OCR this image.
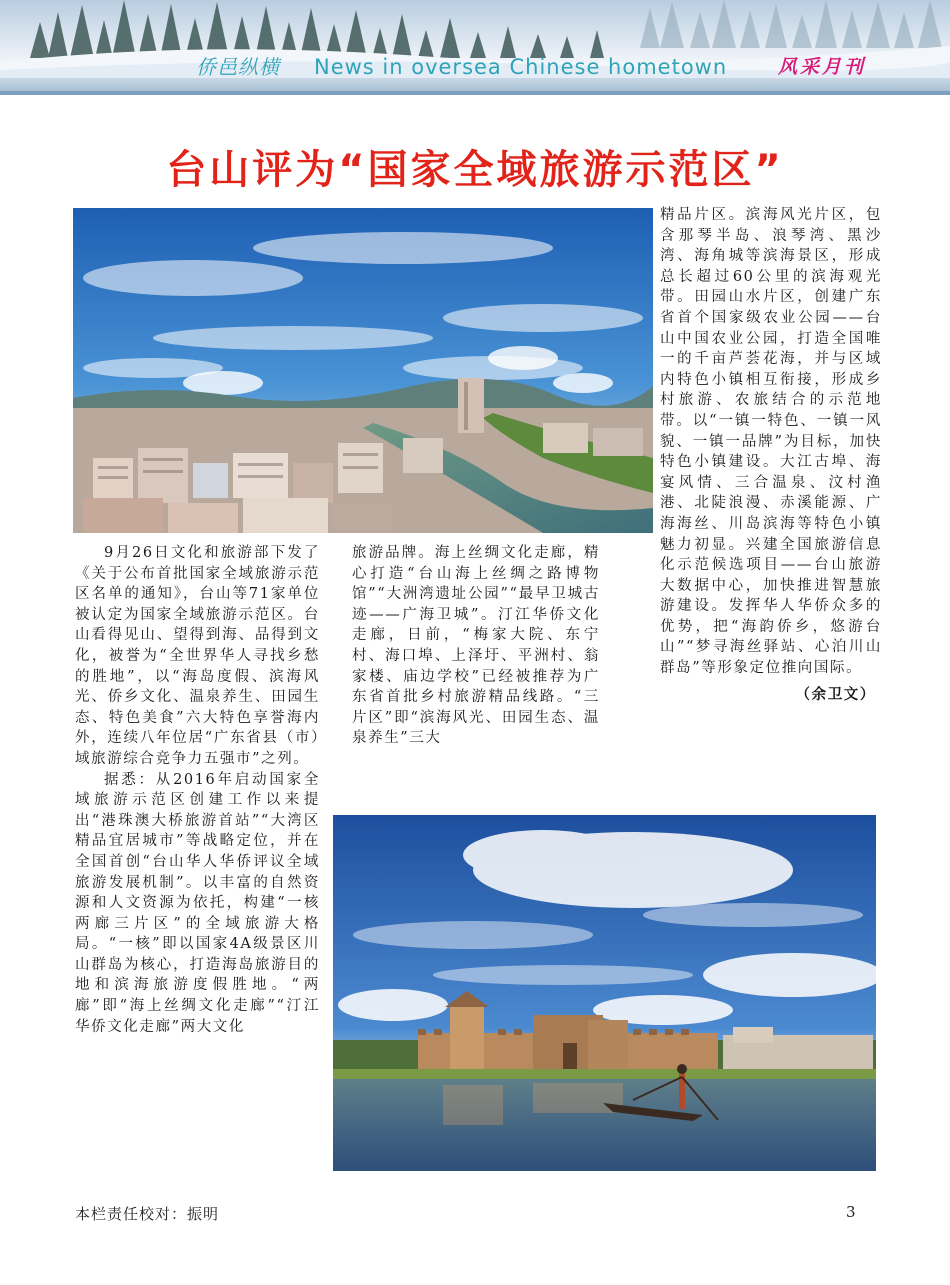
侨邑纵横 News in oversea Chinese hometown	风采月刊
台山评为“国家全域旅游示范区”

精品片区。滨海风光片区，包含那琴半岛、浪琴湾、黑沙湾、海角城等滨海景区，形成总长超过60公里的滨海观光带。田园山水片区，创建广东省首个国家级农业公园——台山中国农业公园，打造全国唯一的千亩芦荟花海，并与区域内特色小镇相互衔接，形成乡村旅游、农旅结合的示范地带。以“一镇一特色、一镇一风貌、一镇一品牌”为目标，加快特色小镇建设。大江古埠、海宴风情、三合温泉、汶村渔港、北陡浪漫、赤溪能源、广海海丝、川岛滨海等特色小镇魅力初显。兴建全国旅游信息化示范候选项目——台山旅游大数据中心，加快推进智慧旅游建设。发挥华人华侨众多的优势，把“海韵侨乡，悠游台山”“梦寻海丝驿站、心泊川山群岛”等形象定位推向国际。

（余卫文）

9月26日文化和旅游部下发了《关于公布首批国家全域旅游示范区名单的通知》，台山等71家单位被认定为国家全域旅游示范区。台山看得见山、望得到海、品得到文化，被誉为“全世界华人寻找乡愁的胜地”，以“海岛度假、滨海风光、侨乡文化、温泉养生、田园生态、特色美食”六大特色享誉海内外，连续八年位居“广东省县（市）域旅游综合竞争力五强市”之列。

据悉：从2016年启动国家全域旅游示范区创建工作以来提出“港珠澳大桥旅游首站”“大湾区精品宜居城市”等战略定位，并在全国首创“台山华人华侨评议全域旅游发展机制”。以丰富的自然资源和人文资源为依托，构建“一核两廊三片区”的全域旅游大格局。“一核”即以国家4A级景区川山群岛为核心，打造海岛旅游目的地和滨海旅游度假胜地。“两廊”即“海上丝绸文化走廊”“汀江华侨文化走廊”两大文化

旅游品牌。海上丝绸文化走廊，精心打造“台山海上丝绸之路博物馆”“大洲湾遗址公园”“最早卫城古迹——广海卫城”。汀江华侨文化走廊，日前，“梅家大院、东宁村、海口埠、上泽圩、平洲村、翁家楼、庙边学校”已经被推荐为广东省首批乡村旅游精品线路。“三片区”即“滨海风光、田园生态、温泉养生”三大

本栏责任校对：振明	3
